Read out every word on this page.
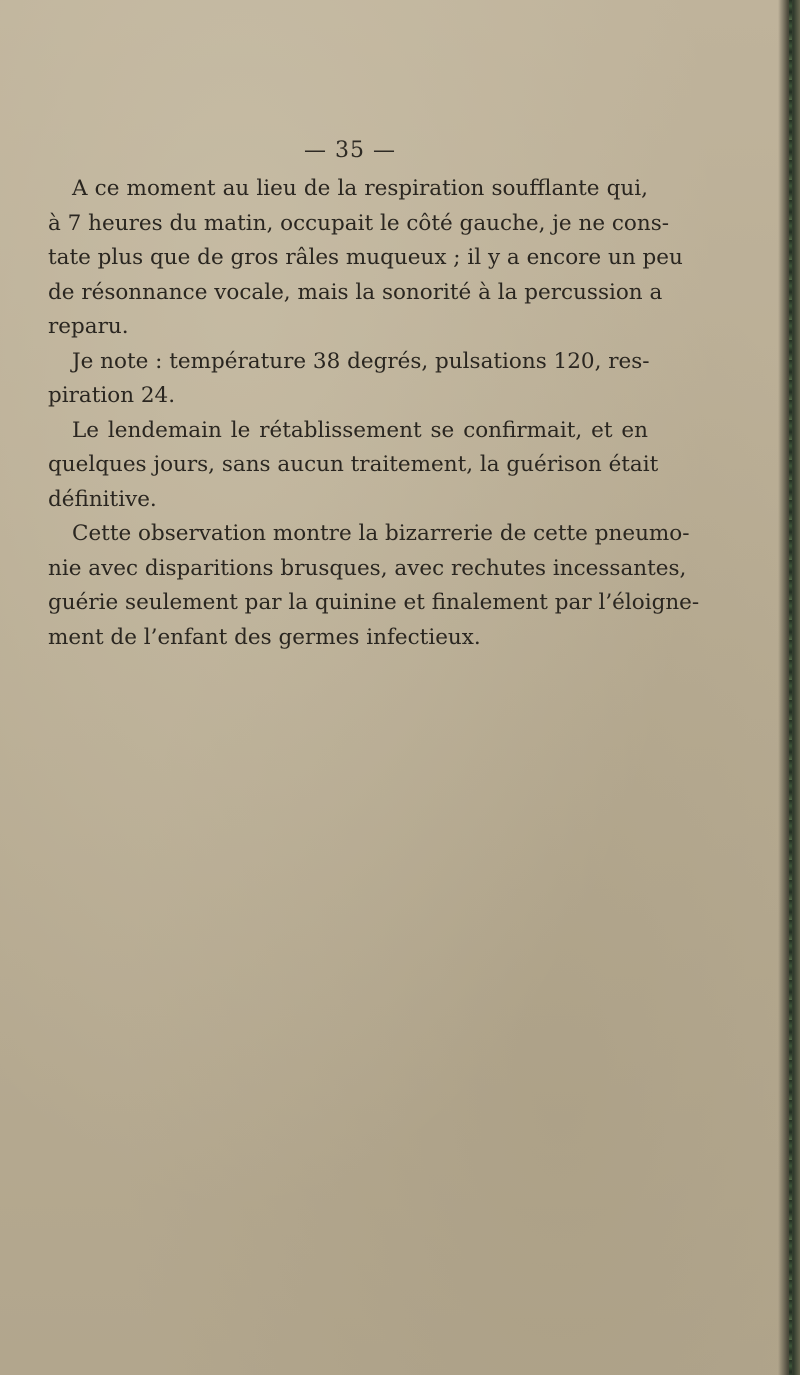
— 35 —
A ce moment au lieu de la respiration soufflante qui,
à 7 heures du matin, occupait le côté gauche, je ne cons-
tate plus que de gros râles muqueux ; il y a encore un peu
de résonnance vocale, mais la sonorité à la percussion a
reparu.
Je note : température 38 degrés, pulsations 120, res-
piration 24.
Le lendemain le rétablissement se confirmait, et en
quelques jours, sans aucun traitement, la guérison était
définitive.
Cette observation montre la bizarrerie de cette pneumo-
nie avec disparitions brusques, avec rechutes incessantes,
guérie seulement par la quinine et finalement par l’éloigne-
ment de l’enfant des germes infectieux.
